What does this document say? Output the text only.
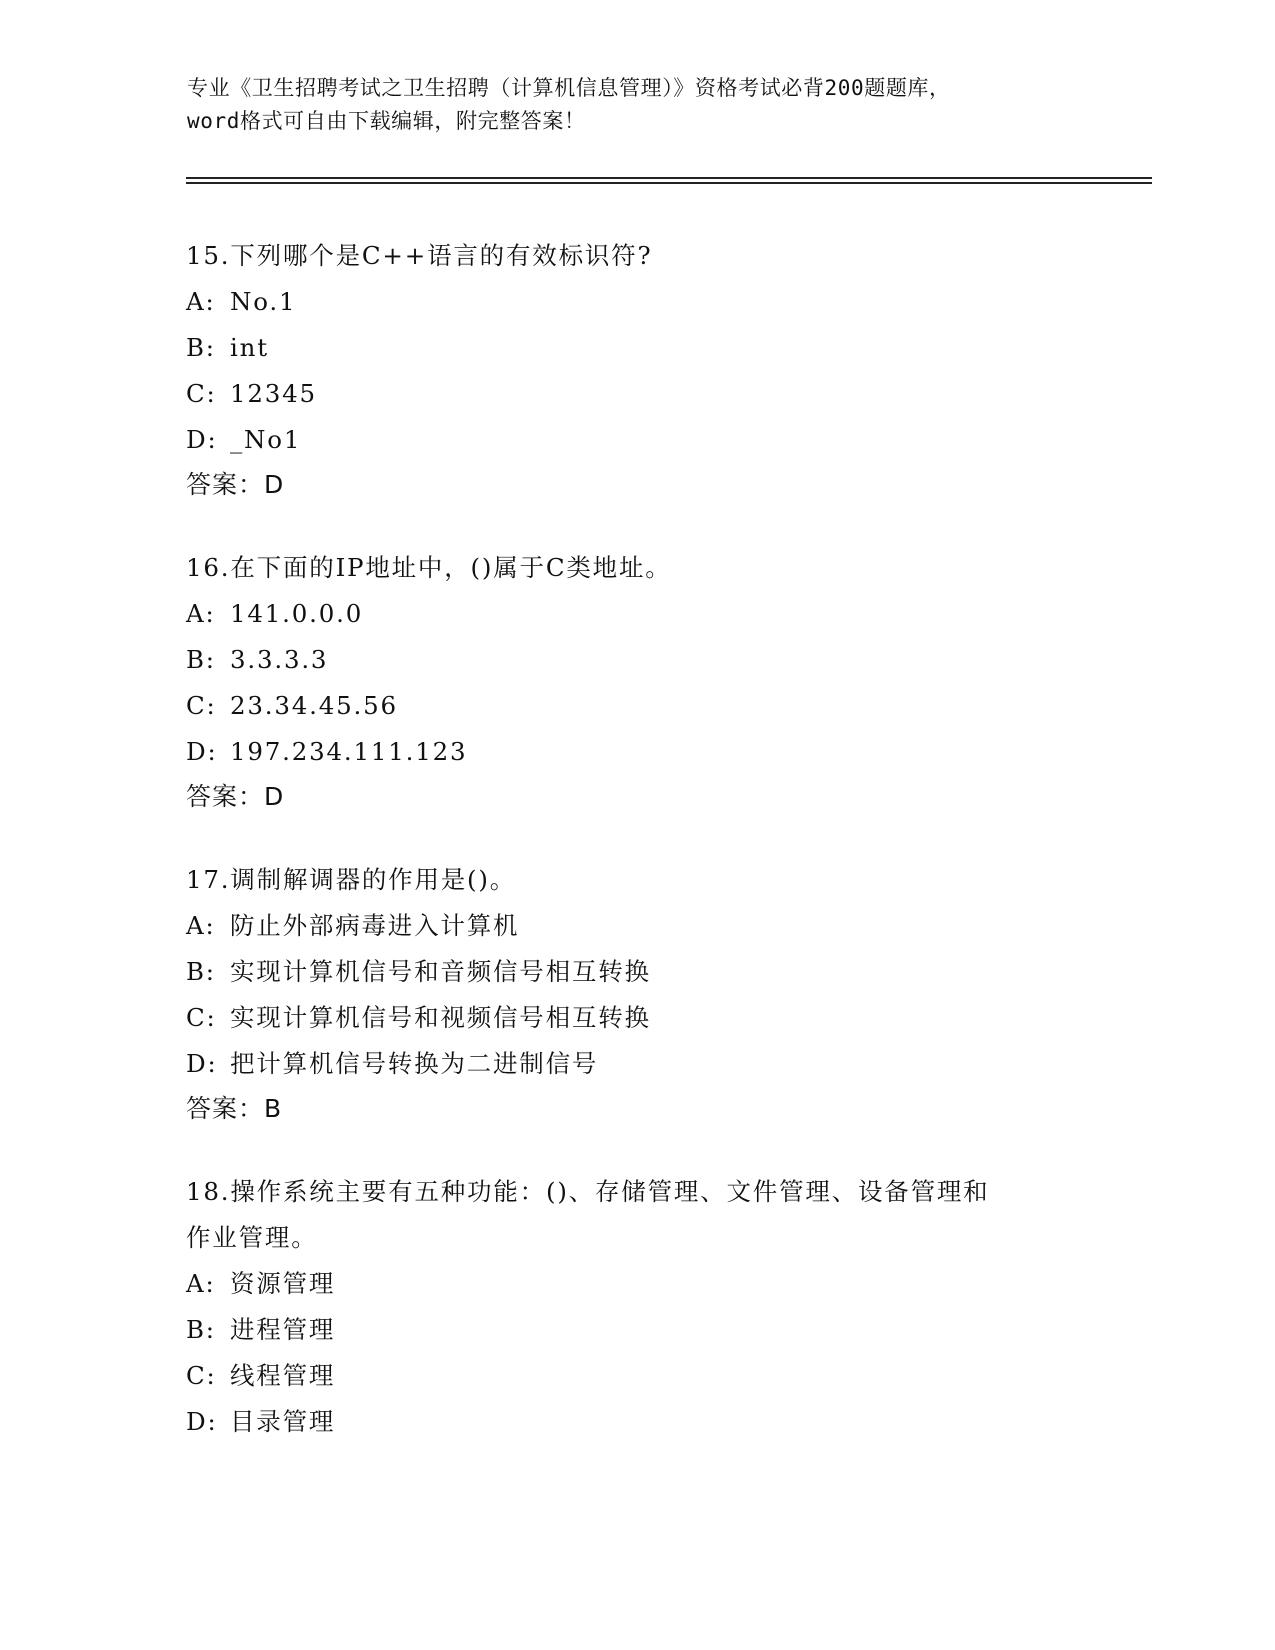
专业《卫生招聘考试之卫生招聘（计算机信息管理）》资格考试必背200题题库，
word格式可自由下载编辑，附完整答案！
15.下列哪个是C++语言的有效标识符?
A: No.1
B: int
C: 12345
D: _No1
答案：D
16.在下面的IP地址中，()属于C类地址。
A: 141.0.0.0
B: 3.3.3.3
C: 23.34.45.56
D: 197.234.111.123
答案：D
17.调制解调器的作用是()。
A: 防止外部病毒进入计算机
B: 实现计算机信号和音频信号相互转换
C: 实现计算机信号和视频信号相互转换
D: 把计算机信号转换为二进制信号
答案：B
18.操作系统主要有五种功能：()、存储管理、文件管理、设备管理和
作业管理。
A: 资源管理
B: 进程管理
C: 线程管理
D: 目录管理
